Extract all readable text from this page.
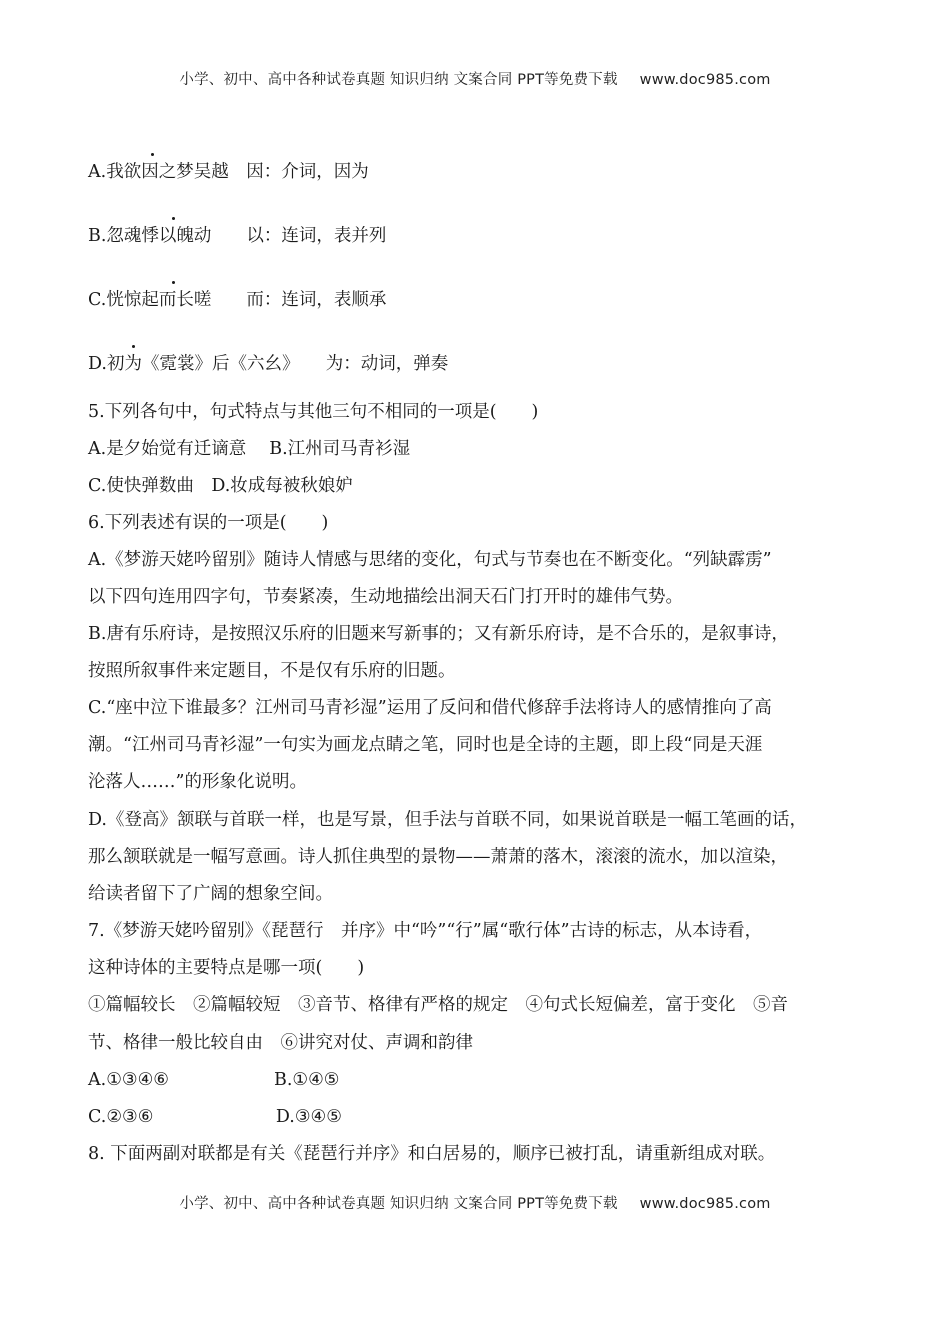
小学、初中、高中各种试卷真题 知识归纳 文案合同 PPT等免费下载 www.doc985.com
A.我欲因之梦吴越　因：介词，因为
B.忽魂悸以魄动　　以：连词，表并列
C.恍惊起而长嗟　　而：连词，表顺承
D.初为《霓裳》后《六幺》　　为：动词，弹奏
5.下列各句中，句式特点与其他三句不相同的一项是(　　)
A.是夕始觉有迁谪意　 B.江州司马青衫湿
C.使快弹数曲　D.妆成每被秋娘妒
6.下列表述有误的一项是(　　)
A.《梦游天姥吟留别》随诗人情感与思绪的变化，句式与节奏也在不断变化。“列缺霹雳”
以下四句连用四字句，节奏紧凑，生动地描绘出洞天石门打开时的雄伟气势。
B.唐有乐府诗，是按照汉乐府的旧题来写新事的；又有新乐府诗，是不合乐的，是叙事诗，
按照所叙事件来定题目，不是仅有乐府的旧题。
C.“座中泣下谁最多？江州司马青衫湿”运用了反问和借代修辞手法将诗人的感情推向了高
潮。“江州司马青衫湿”一句实为画龙点睛之笔，同时也是全诗的主题，即上段“同是天涯
沦落人……”的形象化说明。
D.《登高》颔联与首联一样，也是写景，但手法与首联不同，如果说首联是一幅工笔画的话，
那么颔联就是一幅写意画。诗人抓住典型的景物——萧萧的落木，滚滚的流水，加以渲染，
给读者留下了广阔的想象空间。
7.《梦游天姥吟留别》《琵琶行　并序》中“吟”“行”属“歌行体”古诗的标志，从本诗看，
这种诗体的主要特点是哪一项(　　)
①篇幅较长　②篇幅较短　③音节、格律有严格的规定　④句式长短偏差，富于变化　⑤音
节、格律一般比较自由　⑥讲究对仗、声调和韵律
A.①③④⑥　　　　　　B.①④⑤
C.②③⑥　　　　　　　D.③④⑤
8. 下面两副对联都是有关《琵琶行并序》和白居易的，顺序已被打乱，请重新组成对联。
小学、初中、高中各种试卷真题 知识归纳 文案合同 PPT等免费下载 www.doc985.com
